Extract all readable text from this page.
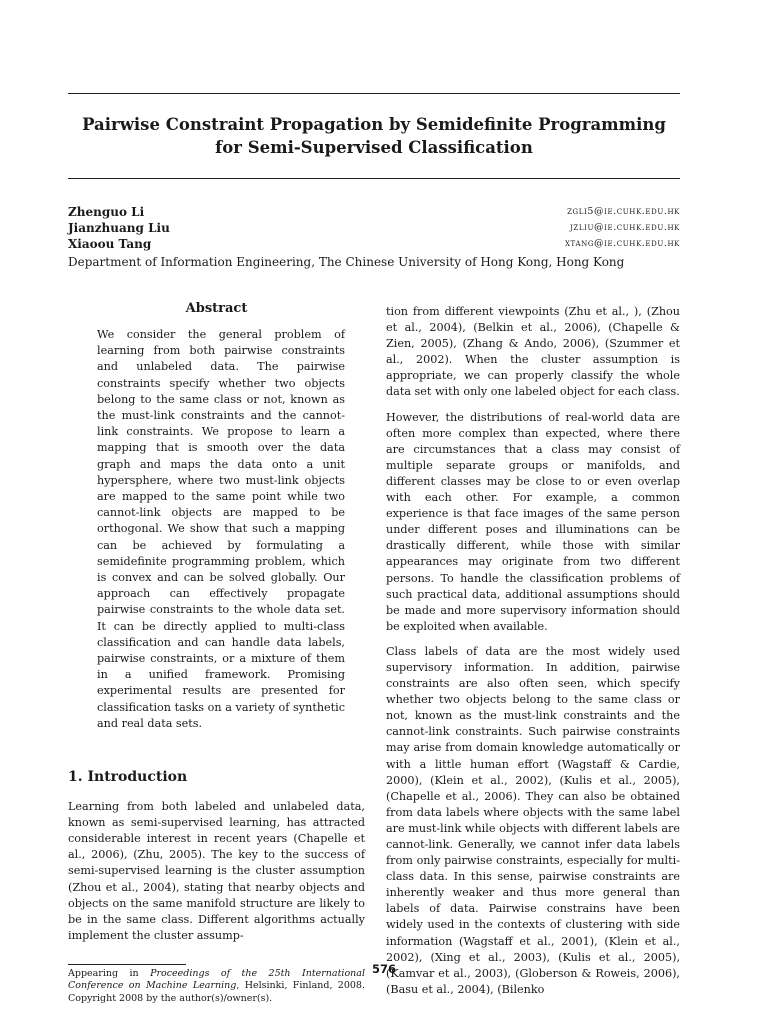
Pairwise Constraint Propagation by Semidefinite Programming
for Semi-Supervised Classification
Zhenguo Li	zgli5@ie.cuhk.edu.hk
Jianzhuang Liu	jzliu@ie.cuhk.edu.hk
Xiaoou Tang	xtang@ie.cuhk.edu.hk
Department of Information Engineering, The Chinese University of Hong Kong, Hong Kong
Abstract

We consider the general problem of learning from both pairwise constraints and unlabeled data. The pairwise constraints specify whether two objects belong to the same class or not, known as the must-link constraints and the cannot-link constraints. We propose to learn a mapping that is smooth over the data graph and maps the data onto a unit hypersphere, where two must-link objects are mapped to the same point while two cannot-link objects are mapped to be orthogonal. We show that such a mapping can be achieved by formulating a semidefinite programming problem, which is convex and can be solved globally. Our approach can effectively propagate pairwise constraints to the whole data set. It can be directly applied to multi-class classification and can handle data labels, pairwise constraints, or a mixture of them in a unified framework. Promising experimental results are presented for classification tasks on a variety of synthetic and real data sets.

1. Introduction

Learning from both labeled and unlabeled data, known as semi-supervised learning, has attracted considerable interest in recent years (Chapelle et al., 2006), (Zhu, 2005). The key to the success of semi-supervised learning is the cluster assumption (Zhou et al., 2004), stating that nearby objects and objects on the same manifold structure are likely to be in the same class. Different algorithms actually implement the cluster assump-

Appearing in Proceedings of the 25th International Conference on Machine Learning, Helsinki, Finland, 2008. Copyright 2008 by the author(s)/owner(s).

tion from different viewpoints (Zhu et al., ), (Zhou et al., 2004), (Belkin et al., 2006), (Chapelle & Zien, 2005), (Zhang & Ando, 2006), (Szummer et al., 2002). When the cluster assumption is appropriate, we can properly classify the whole data set with only one labeled object for each class.

However, the distributions of real-world data are often more complex than expected, where there are circumstances that a class may consist of multiple separate groups or manifolds, and different classes may be close to or even overlap with each other. For example, a common experience is that face images of the same person under different poses and illuminations can be drastically different, while those with similar appearances may originate from two different persons. To handle the classification problems of such practical data, additional assumptions should be made and more supervisory information should be exploited when available.

Class labels of data are the most widely used supervisory information. In addition, pairwise constraints are also often seen, which specify whether two objects belong to the same class or not, known as the must-link constraints and the cannot-link constraints. Such pairwise constraints may arise from domain knowledge automatically or with a little human effort (Wagstaff & Cardie, 2000), (Klein et al., 2002), (Kulis et al., 2005), (Chapelle et al., 2006). They can also be obtained from data labels where objects with the same label are must-link while objects with different labels are cannot-link. Generally, we cannot infer data labels from only pairwise constraints, especially for multi-class data. In this sense, pairwise constraints are inherently weaker and thus more general than labels of data. Pairwise constrains have been widely used in the contexts of clustering with side information (Wagstaff et al., 2001), (Klein et al., 2002), (Xing et al., 2003), (Kulis et al., 2005), (Kamvar et al., 2003), (Globerson & Roweis, 2006), (Basu et al., 2004), (Bilenko

576
